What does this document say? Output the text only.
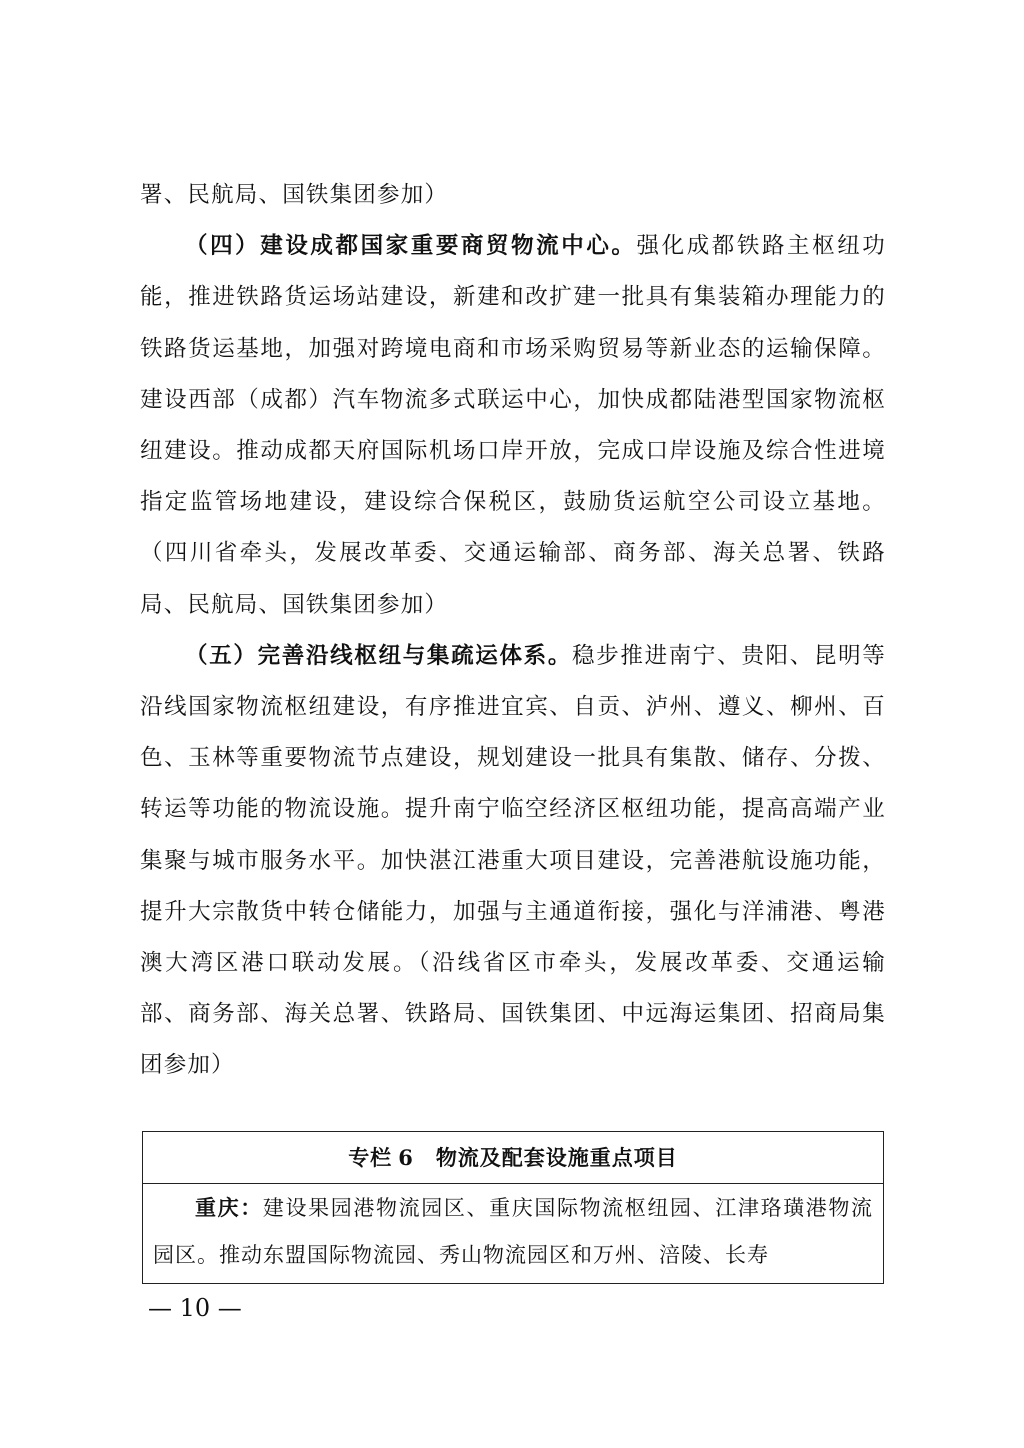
署、民航局、国铁集团参加）

（四）建设成都国家重要商贸物流中心。强化成都铁路主枢纽功能，推进铁路货运场站建设，新建和改扩建一批具有集装箱办理能力的铁路货运基地，加强对跨境电商和市场采购贸易等新业态的运输保障。建设西部（成都）汽车物流多式联运中心，加快成都陆港型国家物流枢纽建设。推动成都天府国际机场口岸开放，完成口岸设施及综合性进境指定监管场地建设，建设综合保税区，鼓励货运航空公司设立基地。（四川省牵头，发展改革委、交通运输部、商务部、海关总署、铁路局、民航局、国铁集团参加）

（五）完善沿线枢纽与集疏运体系。稳步推进南宁、贵阳、昆明等沿线国家物流枢纽建设，有序推进宜宾、自贡、泸州、遵义、柳州、百色、玉林等重要物流节点建设，规划建设一批具有集散、储存、分拨、转运等功能的物流设施。提升南宁临空经济区枢纽功能，提高高端产业集聚与城市服务水平。加快湛江港重大项目建设，完善港航设施功能，提升大宗散货中转仓储能力，加强与主通道衔接，强化与洋浦港、粤港澳大湾区港口联动发展。（沿线省区市牵头，发展改革委、交通运输部、商务部、海关总署、铁路局、国铁集团、中远海运集团、招商局集团参加）

专栏 6 物流及配套设施重点项目
重庆：建设果园港物流园区、重庆国际物流枢纽园、江津珞璜港物流园区。推动东盟国际物流园、秀山物流园区和万州、涪陵、长寿
— 10 —
